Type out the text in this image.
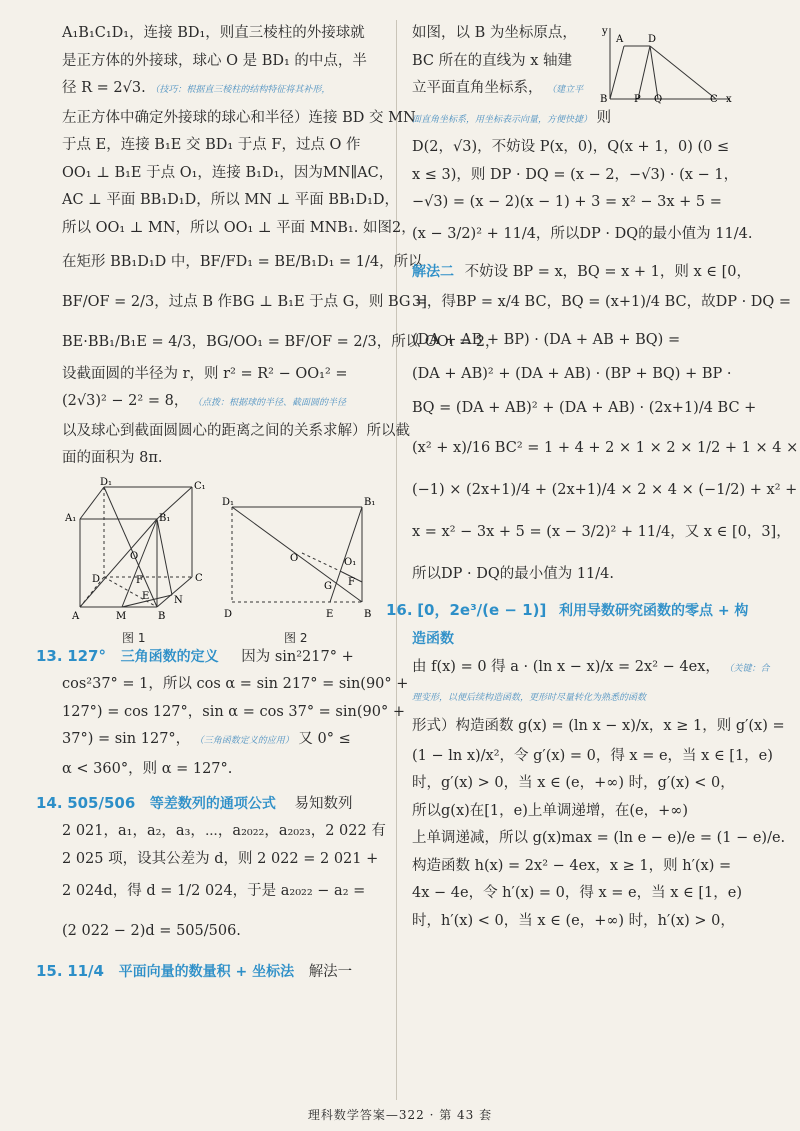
A₁B₁C₁D₁，连接 BD₁，则直三棱柱的外接球就
是正方体的外接球，球心 O 是 BD₁ 的中点，半
径 R = 2√3. （技巧：根据直三棱柱的结构特征将其补形，
左正方体中确定外接球的球心和半径）连接 BD 交 MN
于点 E，连接 B₁E 交 BD₁ 于点 F，过点 O 作
OO₁ ⊥ B₁E 于点 O₁，连接 B₁D₁，因为MN∥AC，
AC ⊥ 平面 BB₁D₁D，所以 MN ⊥ 平面 BB₁D₁D，
所以 OO₁ ⊥ MN，所以 OO₁ ⊥ 平面 MNB₁. 如图2，
在矩形 BB₁D₁D 中，BF/FD₁ = BE/B₁D₁ = 1/4，所以
BF/OF = 2/3，过点 B 作BG ⊥ B₁E 于点 G，则 BG =
BE·BB₁/B₁E = 4/3，BG/OO₁ = BF/OF = 2/3，所以 OO₁ = 2，
设截面圆的半径为 r，则 r² = R² − OO₁² =
(2√3)² − 2² = 8， （点拨：根据球的半径、截面圆的半径
以及球心到截面圆圆心的距离之间的关系求解）所以截
面的面积为 8π.
D₁	C₁
A₁	B₁
O
F
D	C
E
A	M
N
B
D₁	B₁
O	O₁
G F
D	E	B
图 1	图 2
13. 127° 三角函数的定义 因为 sin²217° +
cos²37° = 1，所以 cos α = sin 217° = sin(90° +
127°) = cos 127°，sin α = cos 37° = sin(90° +
37°) = sin 127°， （三角函数定义的应用） 又 0° ≤
α < 360°，则 α = 127°.
14. 505/506 等差数列的通项公式 易知数列
2 021，a₁，a₂，a₃，⋯，a₂₀₂₂，a₂₀₂₃，2 022 有
2 025 项，设其公差为 d，则 2 022 = 2 021 +
2 024d，得 d = 1/2 024，于是 a₂₀₂₂ − a₂ =
(2 022 − 2)d = 505/506.
15. 11/4 平面向量的数量积 + 坐标法 解法一
y
A D
B	P Q	C x
如图，以 B 为坐标原点，
BC 所在的直线为 x 轴建
立平面直角坐标系， （建立平
面直角坐标系，用坐标表示向量，方便快捷） 则
D(2，√3)，不妨设 P(x，0)，Q(x + 1，0) (0 ≤
x ≤ 3)，则 DP · DQ = (x − 2，−√3) · (x − 1，
−√3) = (x − 2)(x − 1) + 3 = x² − 3x + 5 =
(x − 3/2)² + 11/4，所以DP · DQ的最小值为 11/4.
解法二 不妨设 BP = x，BQ = x + 1，则 x ∈ [0，
3]，得BP = x/4 BC，BQ = (x+1)/4 BC，故DP · DQ =
(DA + AB + BP) · (DA + AB + BQ) =
(DA + AB)² + (DA + AB) · (BP + BQ) + BP ·
BQ = (DA + AB)² + (DA + AB) · (2x+1)/4 BC +
(x² + x)/16 BC² = 1 + 4 + 2 × 1 × 2 × 1/2 + 1 × 4 ×
(−1) × (2x+1)/4 + (2x+1)/4 × 2 × 4 × (−1/2) + x² +
x = x² − 3x + 5 = (x − 3/2)² + 11/4，又 x ∈ [0，3]，
所以DP · DQ的最小值为 11/4.
16. [0，2e³/(e − 1)] 利用导数研究函数的零点 + 构
造函数
由 f(x) = 0 得 a · (ln x − x)/x = 2x² − 4ex， （关键：合
理变形，以便后续构造函数，更形时尽量转化为熟悉的函数
形式）构造函数 g(x) = (ln x − x)/x，x ≥ 1，则 g′(x) =
(1 − ln x)/x²，令 g′(x) = 0，得 x = e，当 x ∈ [1，e)
时，g′(x) > 0，当 x ∈ (e，+∞) 时，g′(x) < 0，
所以g(x)在[1，e)上单调递增，在(e，+∞)
上单调递减，所以 g(x)max = (ln e − e)/e = (1 − e)/e.
构造函数 h(x) = 2x² − 4ex，x ≥ 1，则 h′(x) =
4x − 4e，令 h′(x) = 0，得 x = e，当 x ∈ [1，e)
时，h′(x) < 0，当 x ∈ (e，+∞) 时，h′(x) > 0，
理科数学答案—322 · 第 43 套
